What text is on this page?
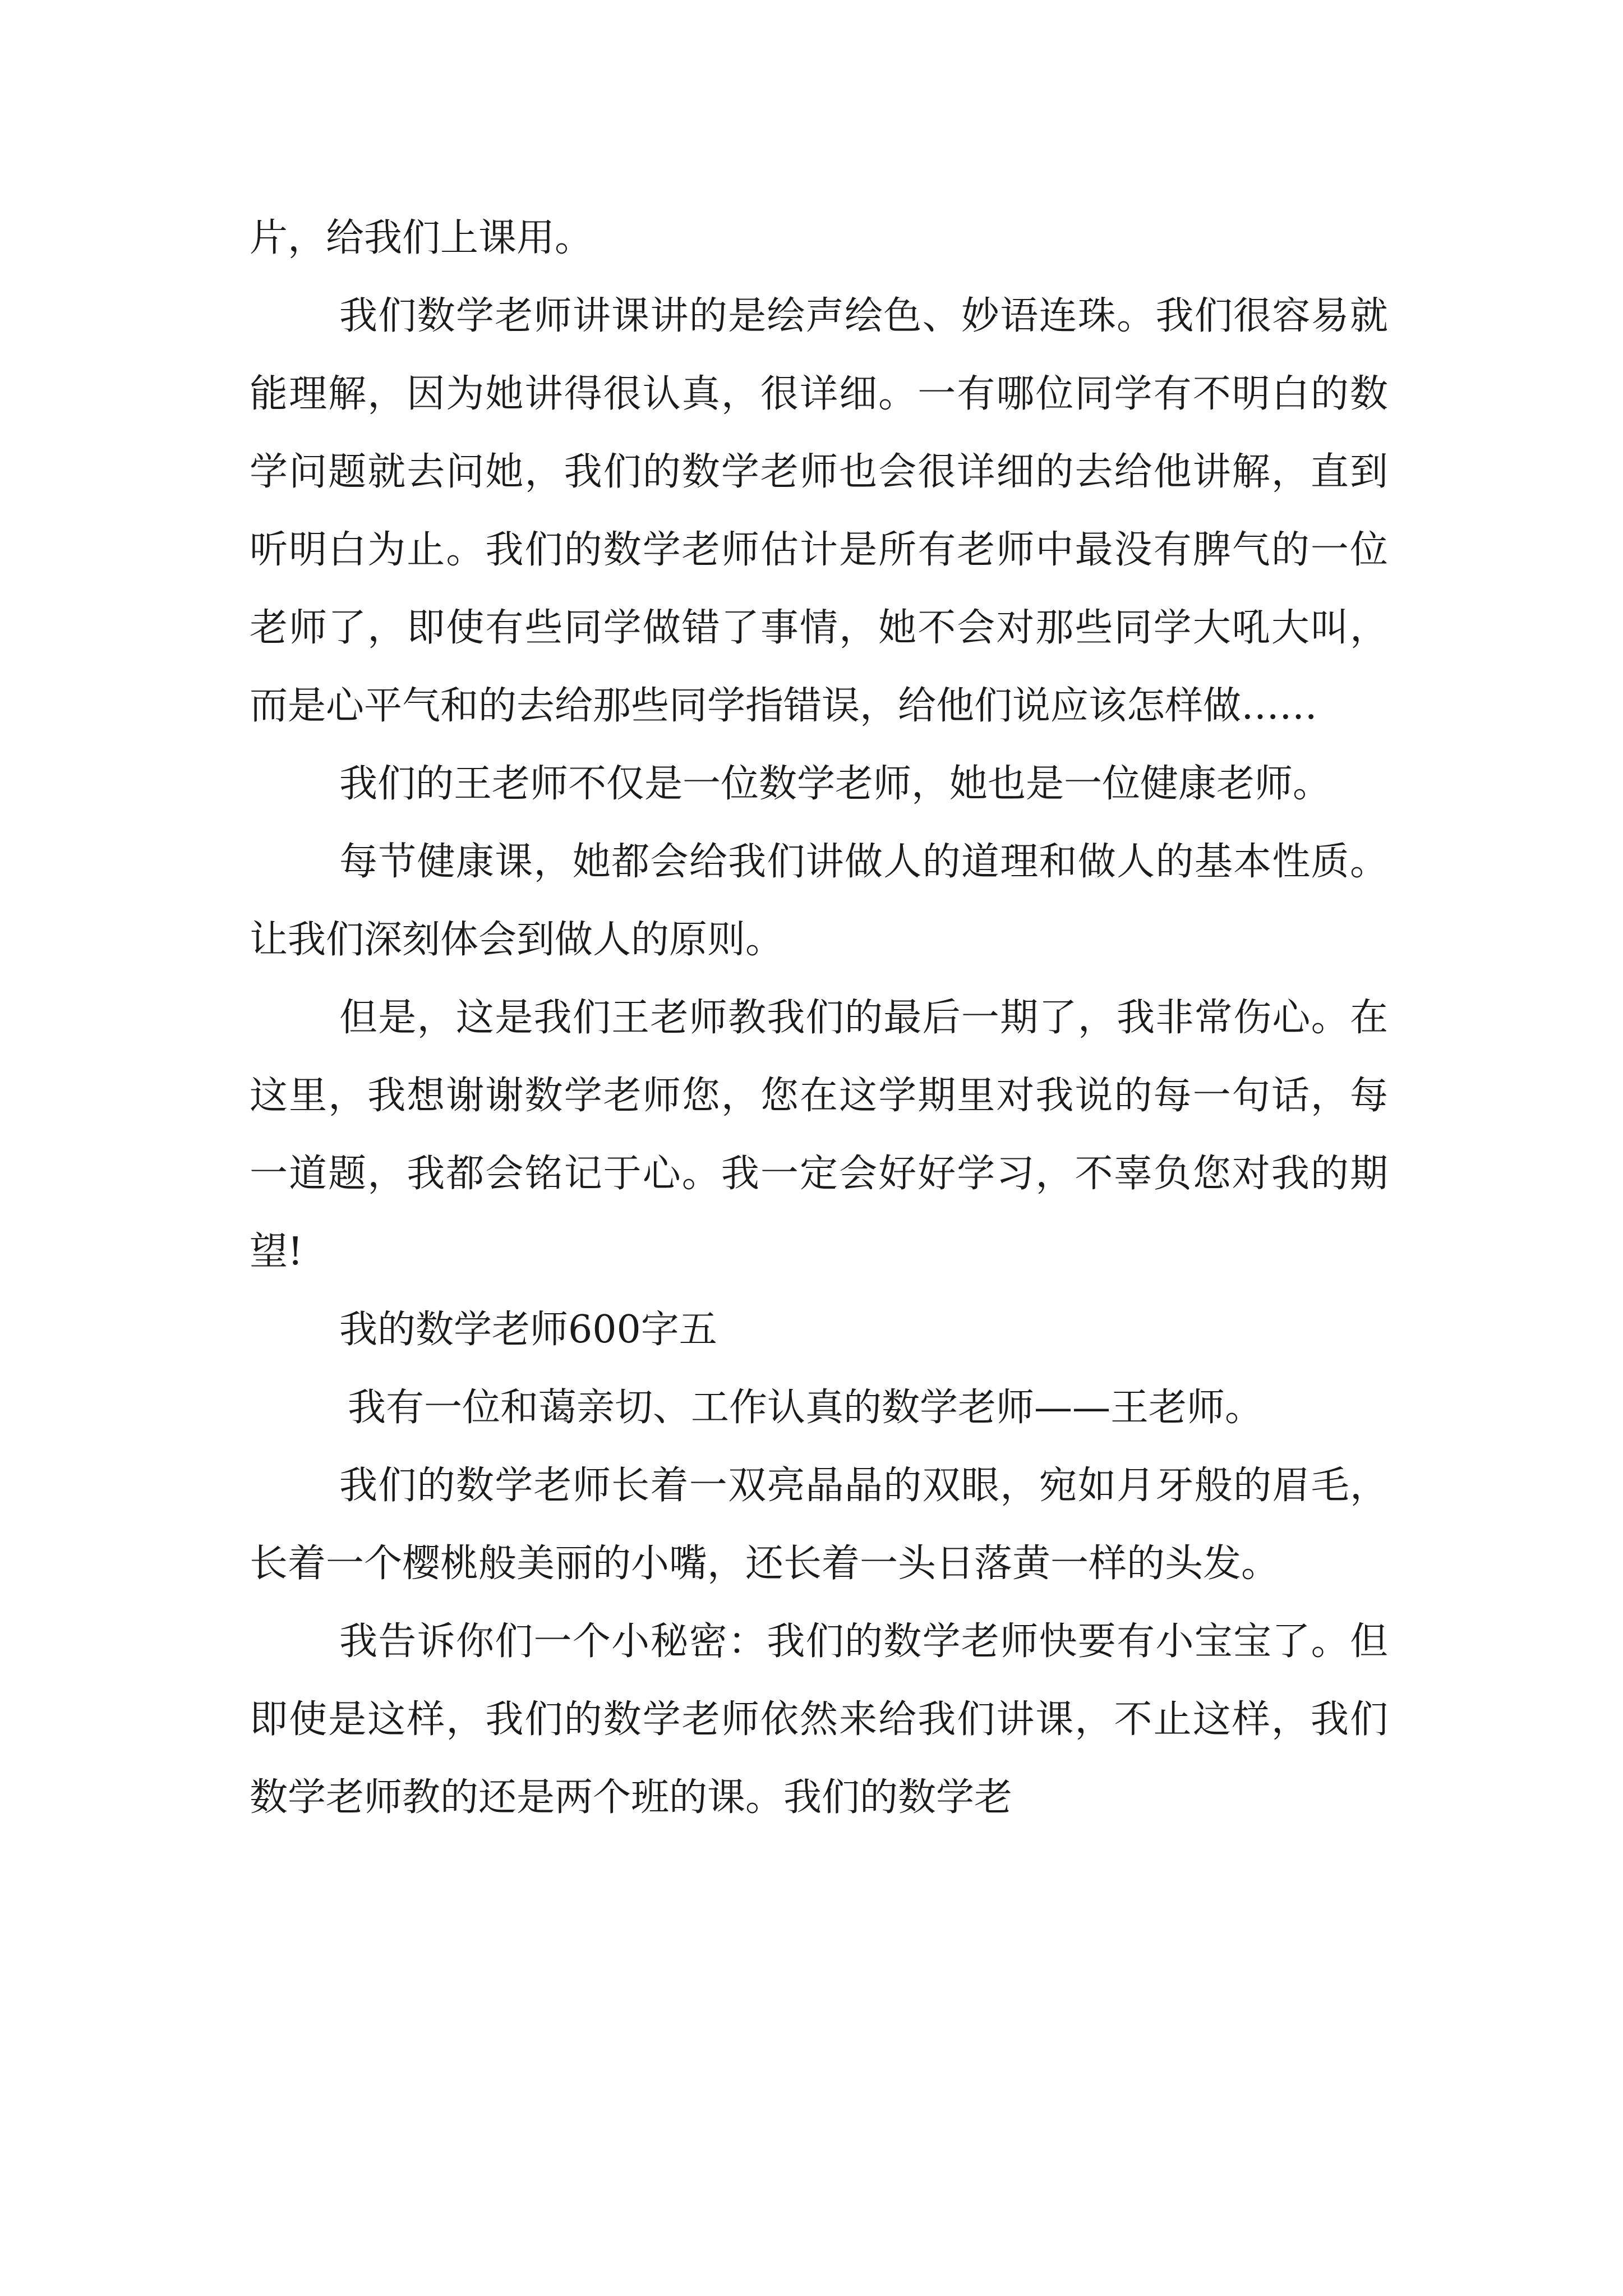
片，给我们上课用。

我们数学老师讲课讲的是绘声绘色、妙语连珠。我们很容易就能理解，因为她讲得很认真，很详细。一有哪位同学有不明白的数学问题就去问她，我们的数学老师也会很详细的去给他讲解，直到听明白为止。我们的数学老师估计是所有老师中最没有脾气的一位老师了，即使有些同学做错了事情，她不会对那些同学大吼大叫，而是心平气和的去给那些同学指错误，给他们说应该怎样做……

我们的王老师不仅是一位数学老师，她也是一位健康老师。

每节健康课，她都会给我们讲做人的道理和做人的基本性质。让我们深刻体会到做人的原则。

但是，这是我们王老师教我们的最后一期了，我非常伤心。在这里，我想谢谢数学老师您，您在这学期里对我说的每一句话，每一道题，我都会铭记于心。我一定会好好学习，不辜负您对我的期望!

我的数学老师600字五

我有一位和蔼亲切、工作认真的数学老师——王老师。

我们的数学老师长着一双亮晶晶的双眼，宛如月牙般的眉毛，长着一个樱桃般美丽的小嘴，还长着一头日落黄一样的头发。

我告诉你们一个小秘密：我们的数学老师快要有小宝宝了。但即使是这样，我们的数学老师依然来给我们讲课，不止这样，我们数学老师教的还是两个班的课。我们的数学老
